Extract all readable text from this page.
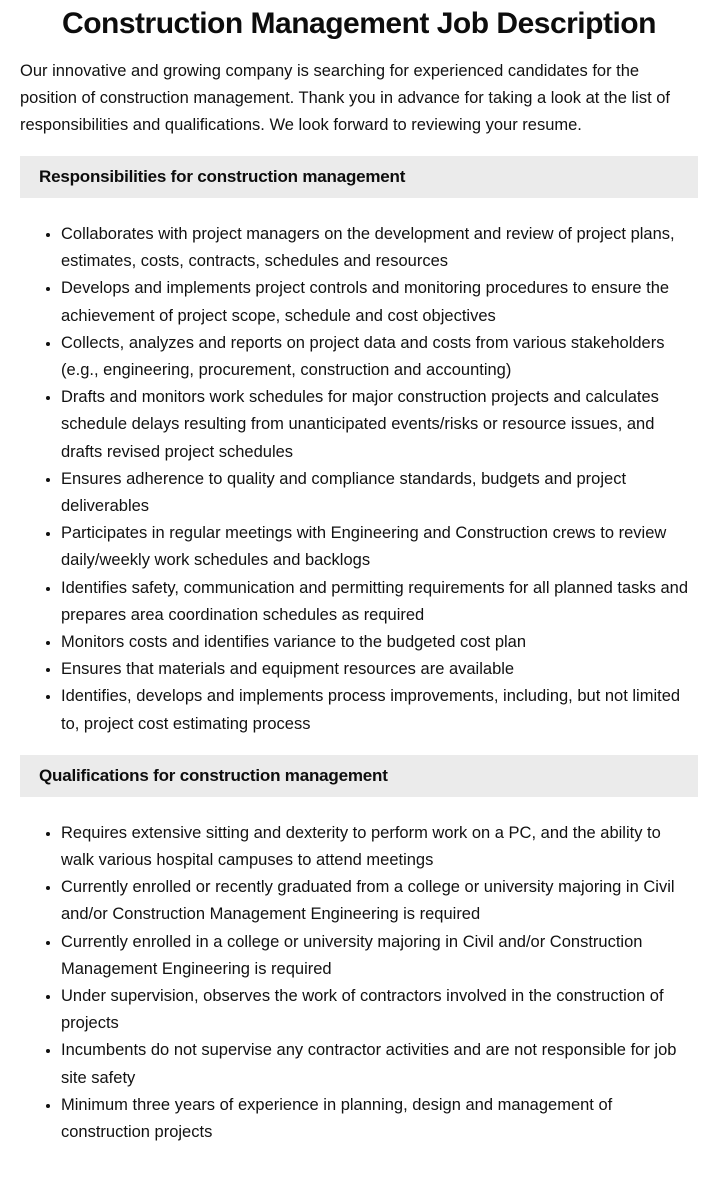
Construction Management Job Description

Our innovative and growing company is searching for experienced candidates for the position of construction management. Thank you in advance for taking a look at the list of responsibilities and qualifications. We look forward to reviewing your resume.

Responsibilities for construction management
• Collaborates with project managers on the development and review of project plans, estimates, costs, contracts, schedules and resources
• Develops and implements project controls and monitoring procedures to ensure the achievement of project scope, schedule and cost objectives
• Collects, analyzes and reports on project data and costs from various stakeholders (e.g., engineering, procurement, construction and accounting)
• Drafts and monitors work schedules for major construction projects and calculates schedule delays resulting from unanticipated events/risks or resource issues, and drafts revised project schedules
• Ensures adherence to quality and compliance standards, budgets and project deliverables
• Participates in regular meetings with Engineering and Construction crews to review daily/weekly work schedules and backlogs
• Identifies safety, communication and permitting requirements for all planned tasks and prepares area coordination schedules as required
• Monitors costs and identifies variance to the budgeted cost plan
• Ensures that materials and equipment resources are available
• Identifies, develops and implements process improvements, including, but not limited to, project cost estimating process
Qualifications for construction management
• Requires extensive sitting and dexterity to perform work on a PC, and the ability to walk various hospital campuses to attend meetings
• Currently enrolled or recently graduated from a college or university majoring in Civil and/or Construction Management Engineering is required
• Currently enrolled in a college or university majoring in Civil and/or Construction Management Engineering is required
• Under supervision, observes the work of contractors involved in the construction of projects
• Incumbents do not supervise any contractor activities and are not responsible for job site safety
• Minimum three years of experience in planning, design and management of construction projects
